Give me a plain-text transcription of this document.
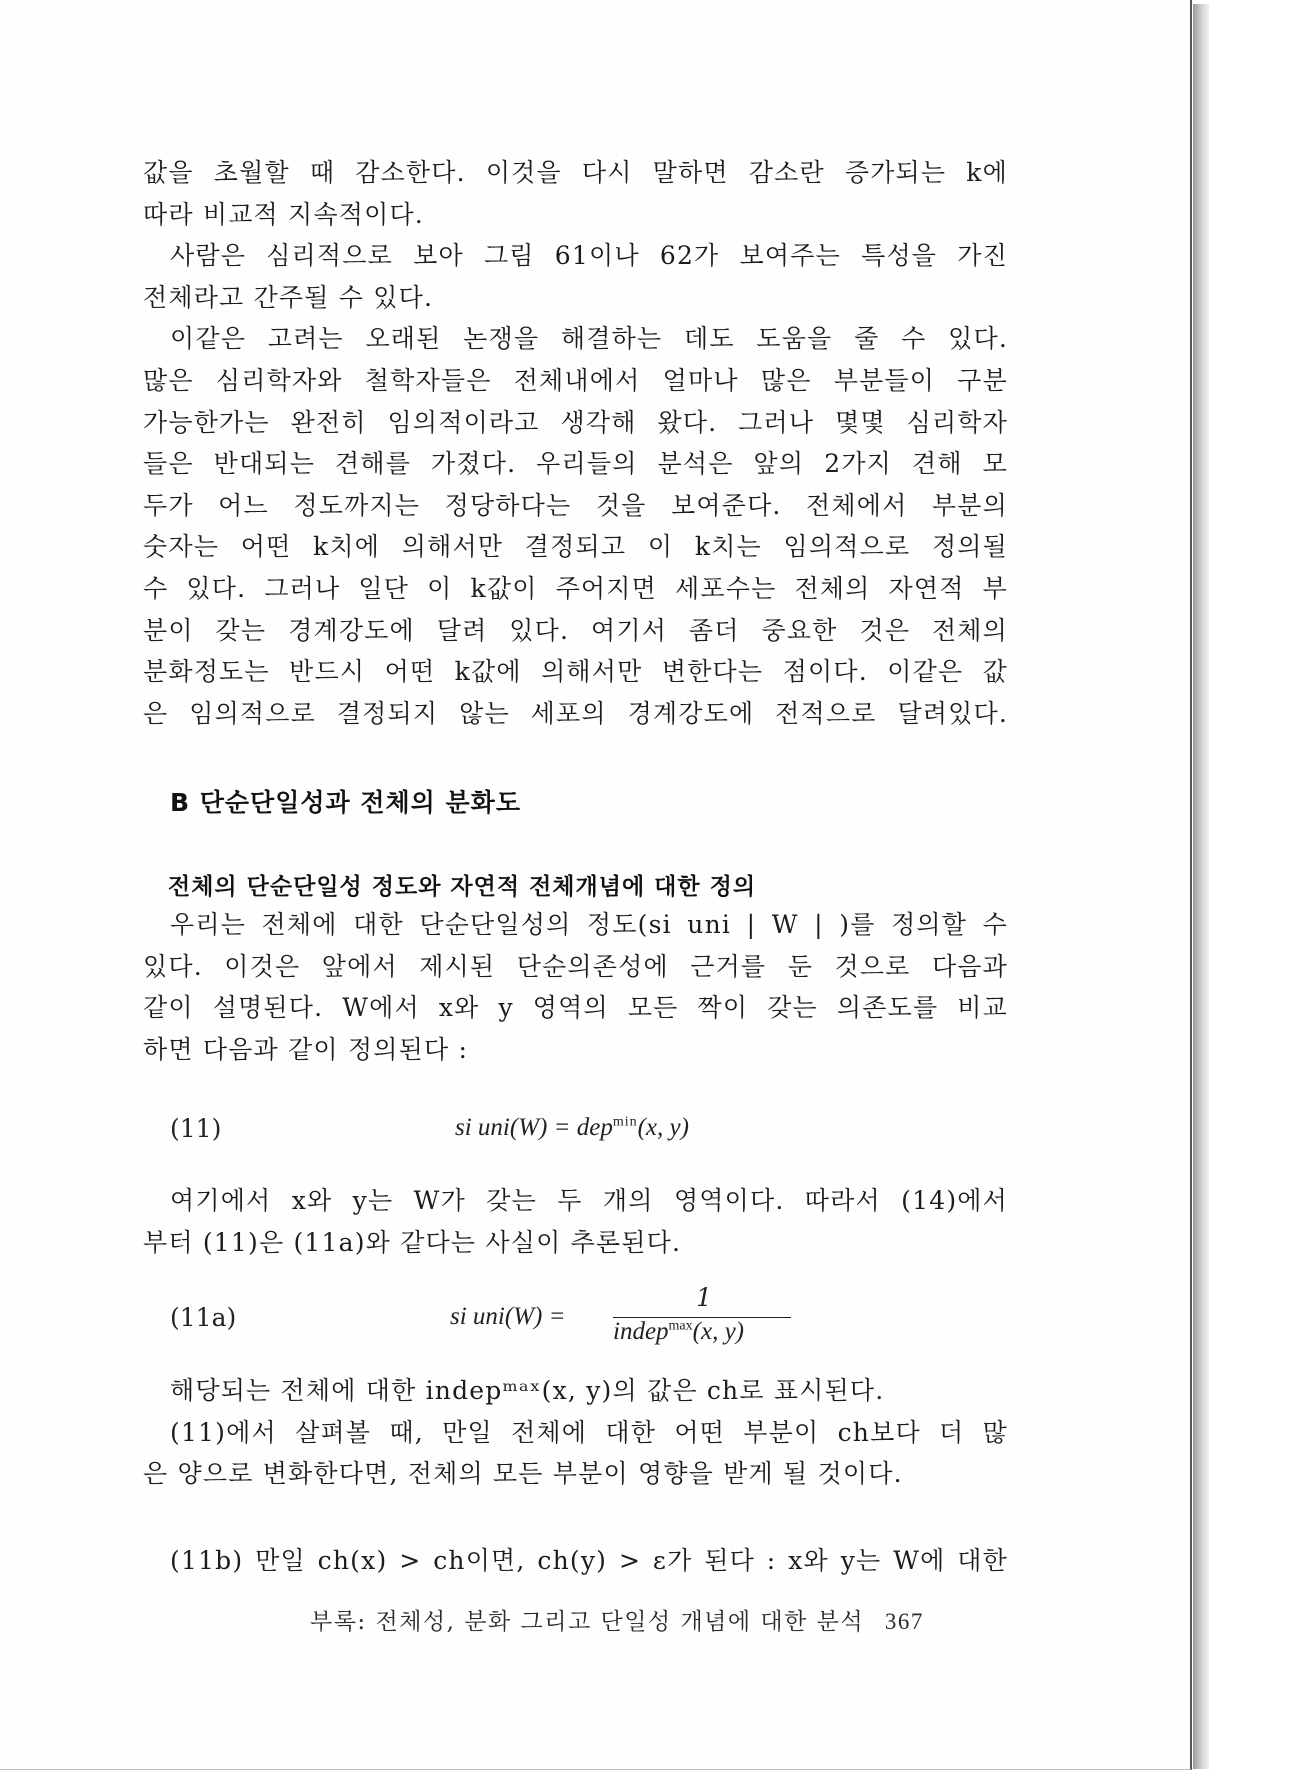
값을 초월할 때 감소한다. 이것을 다시 말하면 감소란 증가되는 k에
따라 비교적 지속적이다.
사람은 심리적으로 보아 그림 61이나 62가 보여주는 특성을 가진
전체라고 간주될 수 있다.
이같은 고려는 오래된 논쟁을 해결하는 데도 도움을 줄 수 있다.
많은 심리학자와 철학자들은 전체내에서 얼마나 많은 부분들이 구분
가능한가는 완전히 임의적이라고 생각해 왔다. 그러나 몇몇 심리학자
들은 반대되는 견해를 가졌다. 우리들의 분석은 앞의 2가지 견해 모
두가 어느 정도까지는 정당하다는 것을 보여준다. 전체에서 부분의
숫자는 어떤 k치에 의해서만 결정되고 이 k치는 임의적으로 정의될
수 있다. 그러나 일단 이 k값이 주어지면 세포수는 전체의 자연적 부
분이 갖는 경계강도에 달려 있다. 여기서 좀더 중요한 것은 전체의
분화정도는 반드시 어떤 k값에 의해서만 변한다는 점이다. 이같은 값
은 임의적으로 결정되지 않는 세포의 경계강도에 전적으로 달려있다.
B 단순단일성과 전체의 분화도
전체의 단순단일성 정도와 자연적 전체개념에 대한 정의
우리는 전체에 대한 단순단일성의 정도(si uni | W | )를 정의할 수
있다. 이것은 앞에서 제시된 단순의존성에 근거를 둔 것으로 다음과
같이 설명된다. W에서 x와 y 영역의 모든 짝이 갖는 의존도를 비교
하면 다음과 같이 정의된다 :
(11)	si uni(W) = dep$^{min}$(x, y)
여기에서 x와 y는 W가 갖는 두 개의 영역이다. 따라서 (14)에서
부터 (11)은 (11a)와 같다는 사실이 추론된다.
(11a)	si uni(W) =
1
indep$^{max}$(x, y)
해당되는 전체에 대한 indepᵐᵃˣ(x, y)의 값은 ch로 표시된다.
(11)에서 살펴볼 때, 만일 전체에 대한 어떤 부분이 ch보다 더 많
은 양으로 변화한다면, 전체의 모든 부분이 영향을 받게 될 것이다.
(11b) 만일 ch(x) > ch이면, ch(y) > ε가 된다 : x와 y는 W에 대한
부록: 전체성, 분화 그리고 단일성 개념에 대한 분석 367
